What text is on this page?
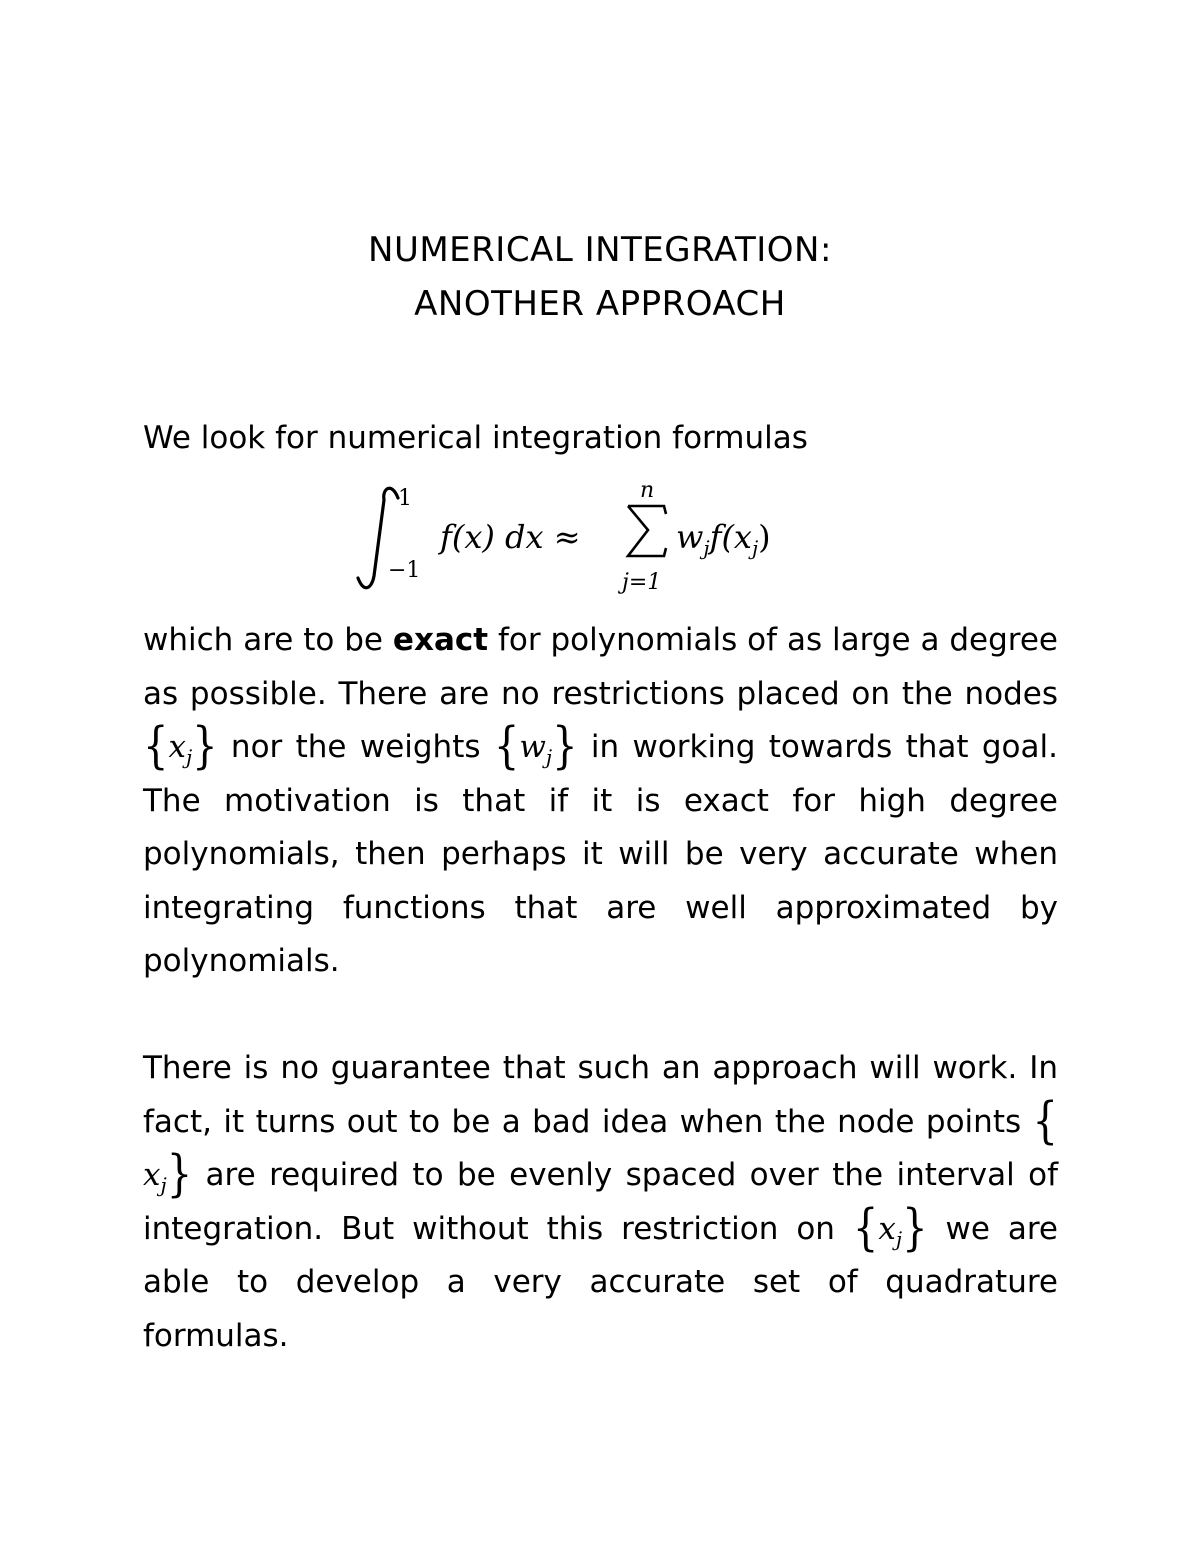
NUMERICAL INTEGRATION:
ANOTHER APPROACH
We look for numerical integration formulas
1
−1
f(x) dx ≈
n
j=1
$w_jf(x_j)$
which are to be exact for polynomials of as large a degree as possible. There are no restrictions placed on the nodes $\{x_j\}$ nor the weights $\{w_j\}$ in working towards that goal. The motivation is that if it is exact for high degree polynomials, then perhaps it will be very accurate when integrating functions that are well approximated by polynomials.
There is no guarantee that such an approach will work. In fact, it turns out to be a bad idea when the node points $\{x_j\}$ are required to be evenly spaced over the interval of integration. But without this restriction on $\{x_j\}$ we are able to develop a very accurate set of quadrature formulas.
